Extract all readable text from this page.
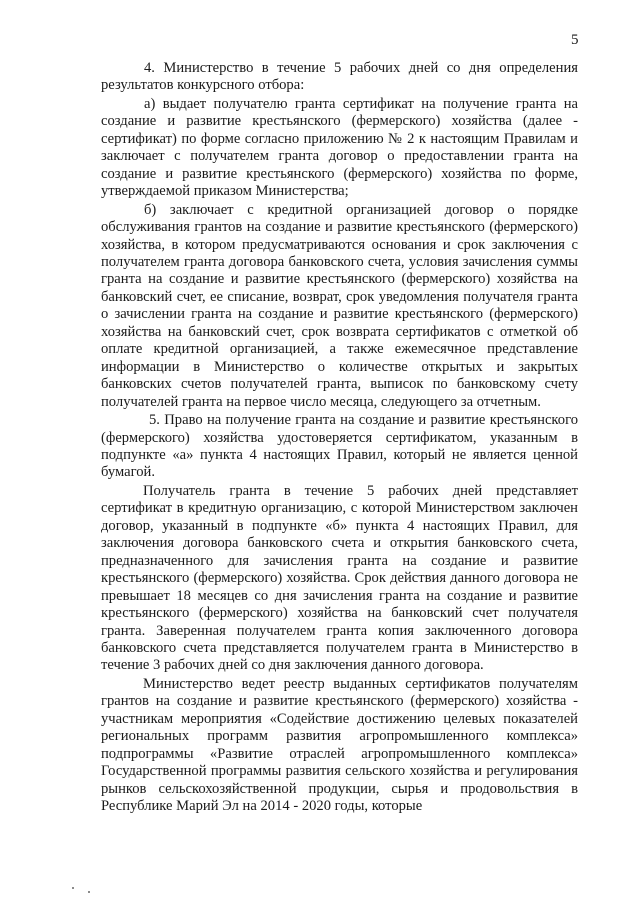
5

4. Министерство в течение 5 рабочих дней со дня определения результатов конкурсного отбора:

а) выдает получателю гранта сертификат на получение гранта на создание и развитие крестьянского (фермерского) хозяйства (далее - сертификат) по форме согласно приложению № 2 к настоящим Правилам и заключает с получателем гранта договор о предоставлении гранта на создание и развитие крестьянского (фермерского) хозяйства по форме, утверждаемой приказом Министерства;

б) заключает с кредитной организацией договор о порядке обслуживания грантов на создание и развитие крестьянского (фермерского) хозяйства, в котором предусматриваются основания и срок заключения с получателем гранта договора банковского счета, условия зачисления суммы гранта на создание и развитие крестьянского (фермерского) хозяйства на банковский счет, ее списание, возврат, срок уведомления получателя гранта о зачислении гранта на создание и развитие крестьянского (фермерского) хозяйства на банковский счет, срок возврата сертификатов с отметкой об оплате кредитной организацией, а также ежемесячное представление информации в Министерство о количестве открытых и закрытых банковских счетов получателей гранта, выписок по банковскому счету получателей гранта на первое число месяца, следующего за отчетным.

5. Право на получение гранта на создание и развитие крестьянского (фермерского) хозяйства удостоверяется сертификатом, указанным в подпункте «а» пункта 4 настоящих Правил, который не является ценной бумагой.

Получатель гранта в течение 5 рабочих дней представляет сертификат в кредитную организацию, с которой Министерством заключен договор, указанный в подпункте «б» пункта 4 настоящих Правил, для заключения договора банковского счета и открытия банковского счета, предназначенного для зачисления гранта на создание и развитие крестьянского (фермерского) хозяйства. Срок действия данного договора не превышает 18 месяцев со дня зачисления гранта на создание и развитие крестьянского (фермерского) хозяйства на банковский счет получателя гранта. Заверенная получателем гранта копия заключенного договора банковского счета представляется получателем гранта в Министерство в течение 3 рабочих дней со дня заключения данного договора.

Министерство ведет реестр выданных сертификатов получателям грантов на создание и развитие крестьянского (фермерского) хозяйства - участникам мероприятия «Содействие достижению целевых показателей региональных программ развития агропромышленного комплекса» подпрограммы «Развитие отраслей агропромышленного комплекса» Государственной программы развития сельского хозяйства и регулирования рынков сельскохозяйственной продукции, сырья и продовольствия в Республике Марий Эл на 2014 - 2020 годы, которые
